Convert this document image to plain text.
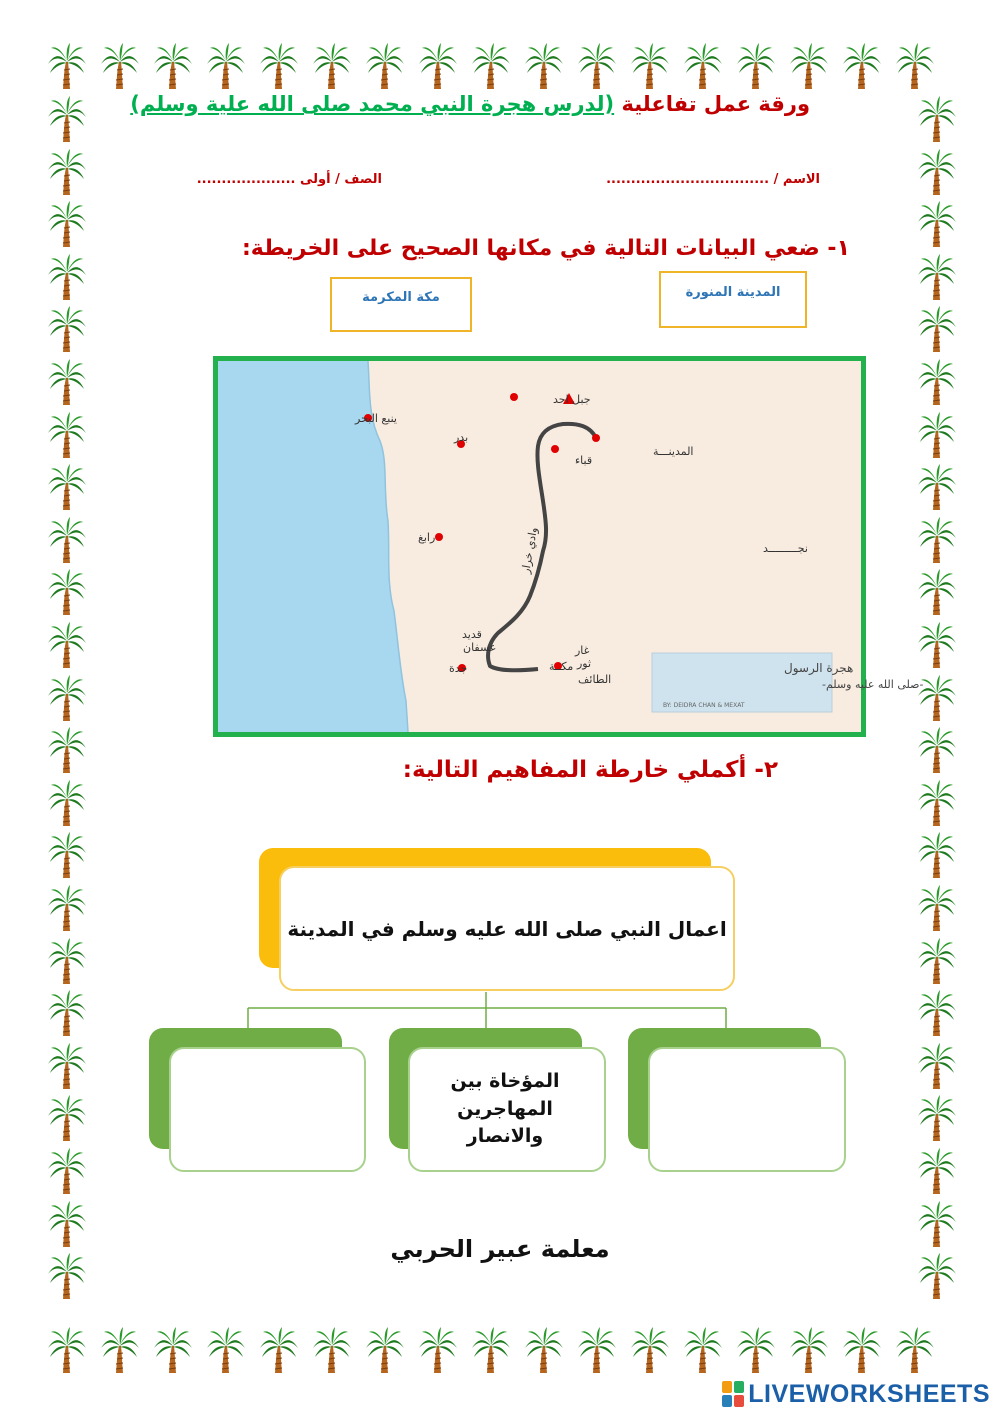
ورقة عمل تفاعلية (لدرس هجرة النبي محمد صلى الله علية وسلم)
الاسم / .................................
الصف / أولى ....................
١- ضعي البيانات التالية في مكانها الصحيح على الخريطة:
المدينة المنورة
مكة المكرمة
ينبع البحر
بدر
جبل احد
المدينـــة
قباء
رابغ
نجـــــــــد
قديد
عسفان
جدة
غار
ثور
مكــة
الطائف
وادي خرار
هجرة الرسول
-صلى الله عليه وسلم-
BY: DEIDRA CHAN & MEXAT
٢- أكملي خارطة المفاهيم التالية:
اعمال النبي صلى الله عليه وسلم في المدينة
المؤخاة بين المهاجرين والانصار
معلمة عبير الحربي
LIVEWORKSHEETS
